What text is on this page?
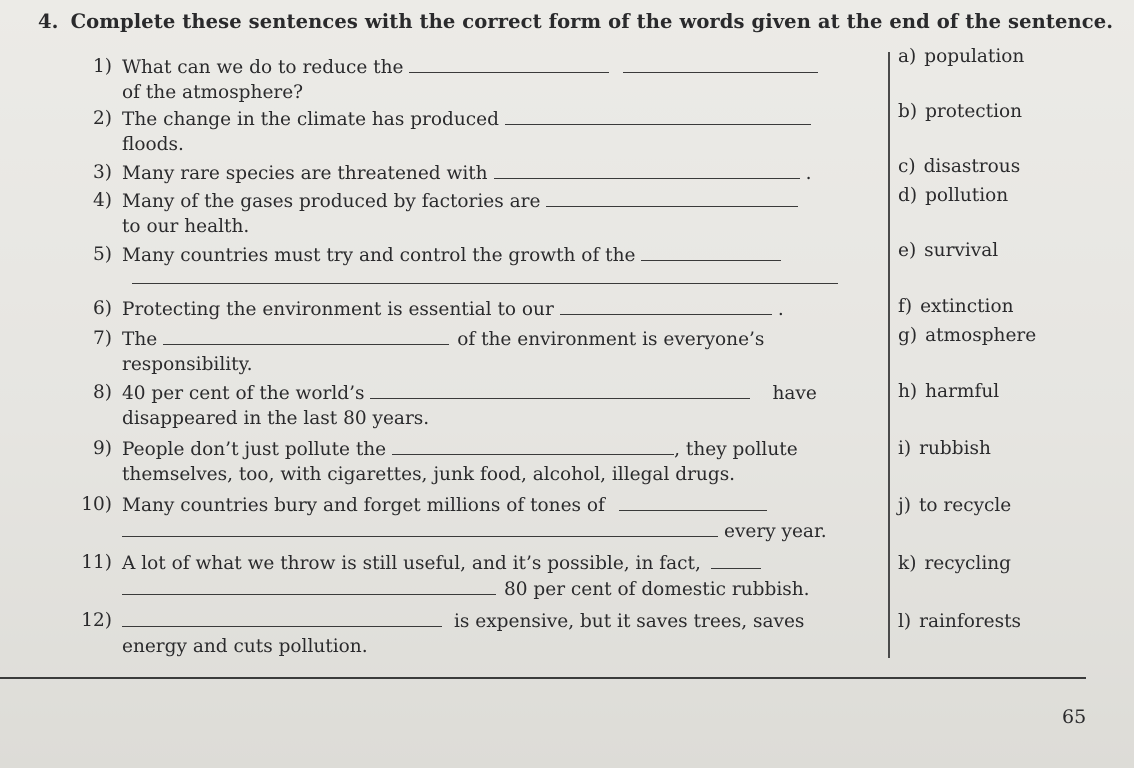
4. Complete these sentences with the correct form of the words given at the end of the sentence.
1) What can we do to reduce the
of the atmosphere?
2) The change in the climate has produced
floods.
3) Many rare species are threatened with	.
4) Many of the gases produced by factories are
to our health.
5) Many countries must try and control the growth of the
6) Protecting the environment is essential to our	.
7) The	of the environment is everyone’s
responsibility.
8) 40 per cent of the world’s	have
disappeared in the last 80 years.
9) People don’t just pollute the	, they pollute
themselves, too, with cigarettes, junk food, alcohol, illegal drugs.
10) Many countries bury and forget millions of tones of
every year.
11) A lot of what we throw is still useful, and it’s possible, in fact,
80 per cent of domestic rubbish.
12)	is expensive, but it saves trees, saves
energy and cuts pollution.
a) population
b) protection
c) disastrous
d) pollution
e) survival
f) extinction
g) atmosphere
h) harmful
i) rubbish
j) to recycle
k) recycling
l) rainforests
65
